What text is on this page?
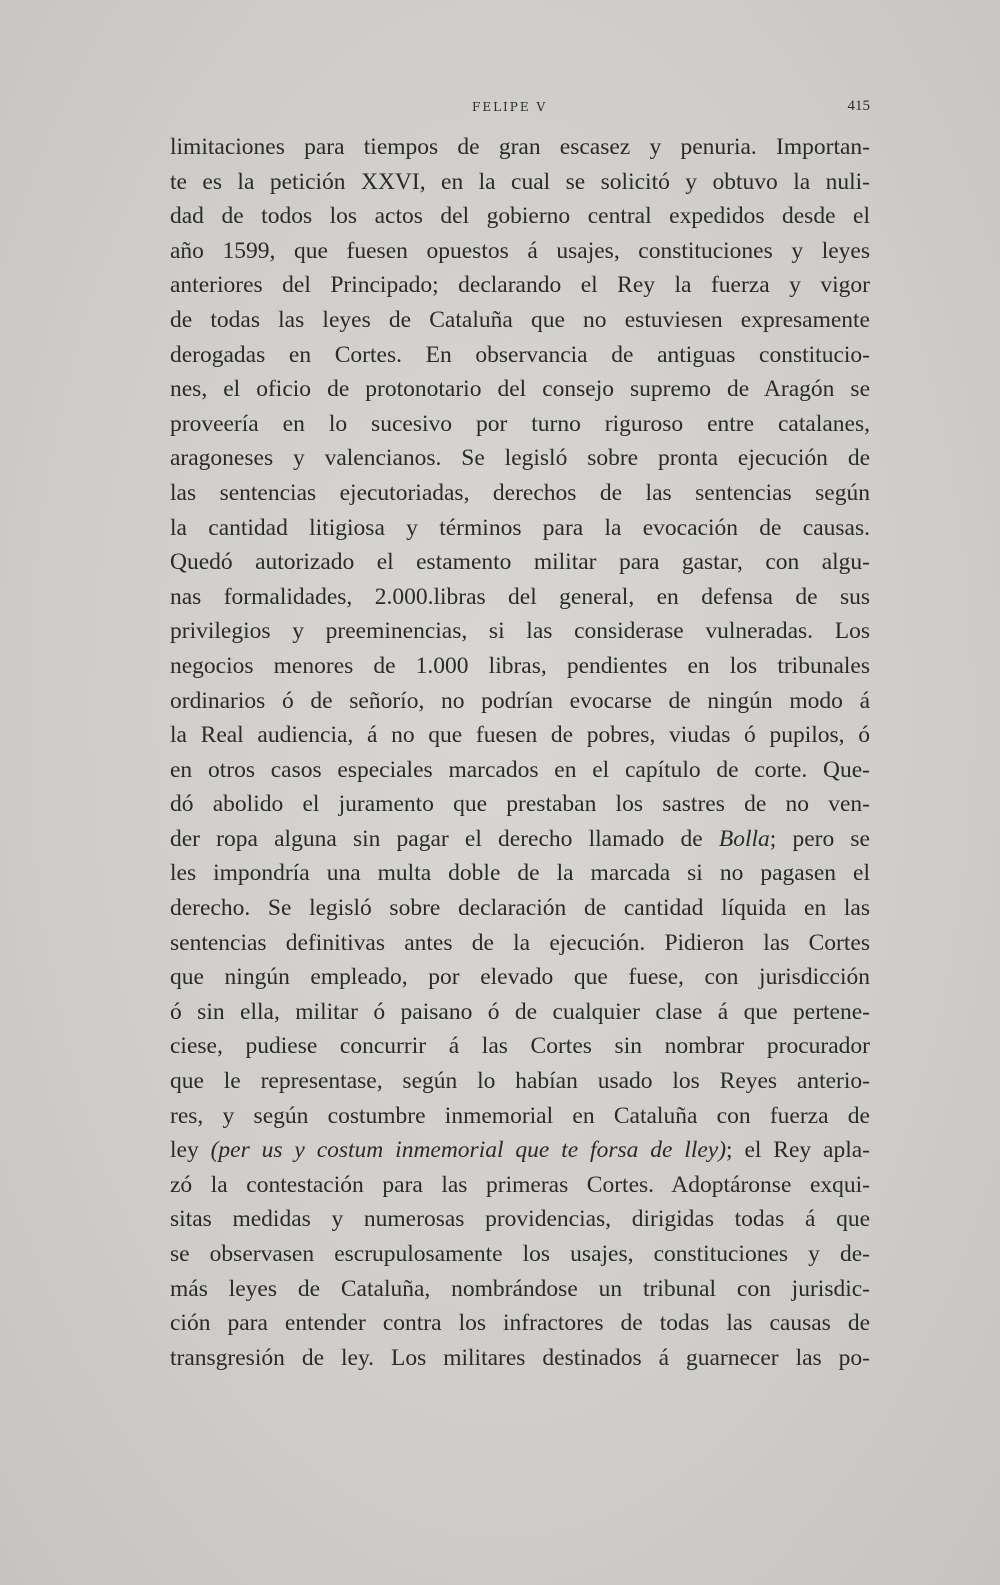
FELIPE V	415
limitaciones para tiempos de gran escasez y penuria. Importan-
te es la petición XXVI, en la cual se solicitó y obtuvo la nuli-
dad de todos los actos del gobierno central expedidos desde el
año 1599, que fuesen opuestos á usajes, constituciones y leyes
anteriores del Principado; declarando el Rey la fuerza y vigor
de todas las leyes de Cataluña que no estuviesen expresamente
derogadas en Cortes. En observancia de antiguas constitucio-
nes, el oficio de protonotario del consejo supremo de Aragón se
proveería en lo sucesivo por turno riguroso entre catalanes,
aragoneses y valencianos. Se legisló sobre pronta ejecución de
las sentencias ejecutoriadas, derechos de las sentencias según
la cantidad litigiosa y términos para la evocación de causas.
Quedó autorizado el estamento militar para gastar, con algu-
nas formalidades, 2.000.libras del general, en defensa de sus
privilegios y preeminencias, si las considerase vulneradas. Los
negocios menores de 1.000 libras, pendientes en los tribunales
ordinarios ó de señorío, no podrían evocarse de ningún modo á
la Real audiencia, á no que fuesen de pobres, viudas ó pupilos, ó
en otros casos especiales marcados en el capítulo de corte. Que-
dó abolido el juramento que prestaban los sastres de no ven-
der ropa alguna sin pagar el derecho llamado de Bolla; pero se
les impondría una multa doble de la marcada si no pagasen el
derecho. Se legisló sobre declaración de cantidad líquida en las
sentencias definitivas antes de la ejecución. Pidieron las Cortes
que ningún empleado, por elevado que fuese, con jurisdicción
ó sin ella, militar ó paisano ó de cualquier clase á que pertene-
ciese, pudiese concurrir á las Cortes sin nombrar procurador
que le representase, según lo habían usado los Reyes anterio-
res, y según costumbre inmemorial en Cataluña con fuerza de
ley (per us y costum inmemorial que te forsa de lley); el Rey apla-
zó la contestación para las primeras Cortes. Adoptáronse exqui-
sitas medidas y numerosas providencias, dirigidas todas á que
se observasen escrupulosamente los usajes, constituciones y de-
más leyes de Cataluña, nombrándose un tribunal con jurisdic-
ción para entender contra los infractores de todas las causas de
transgresión de ley. Los militares destinados á guarnecer las po-
